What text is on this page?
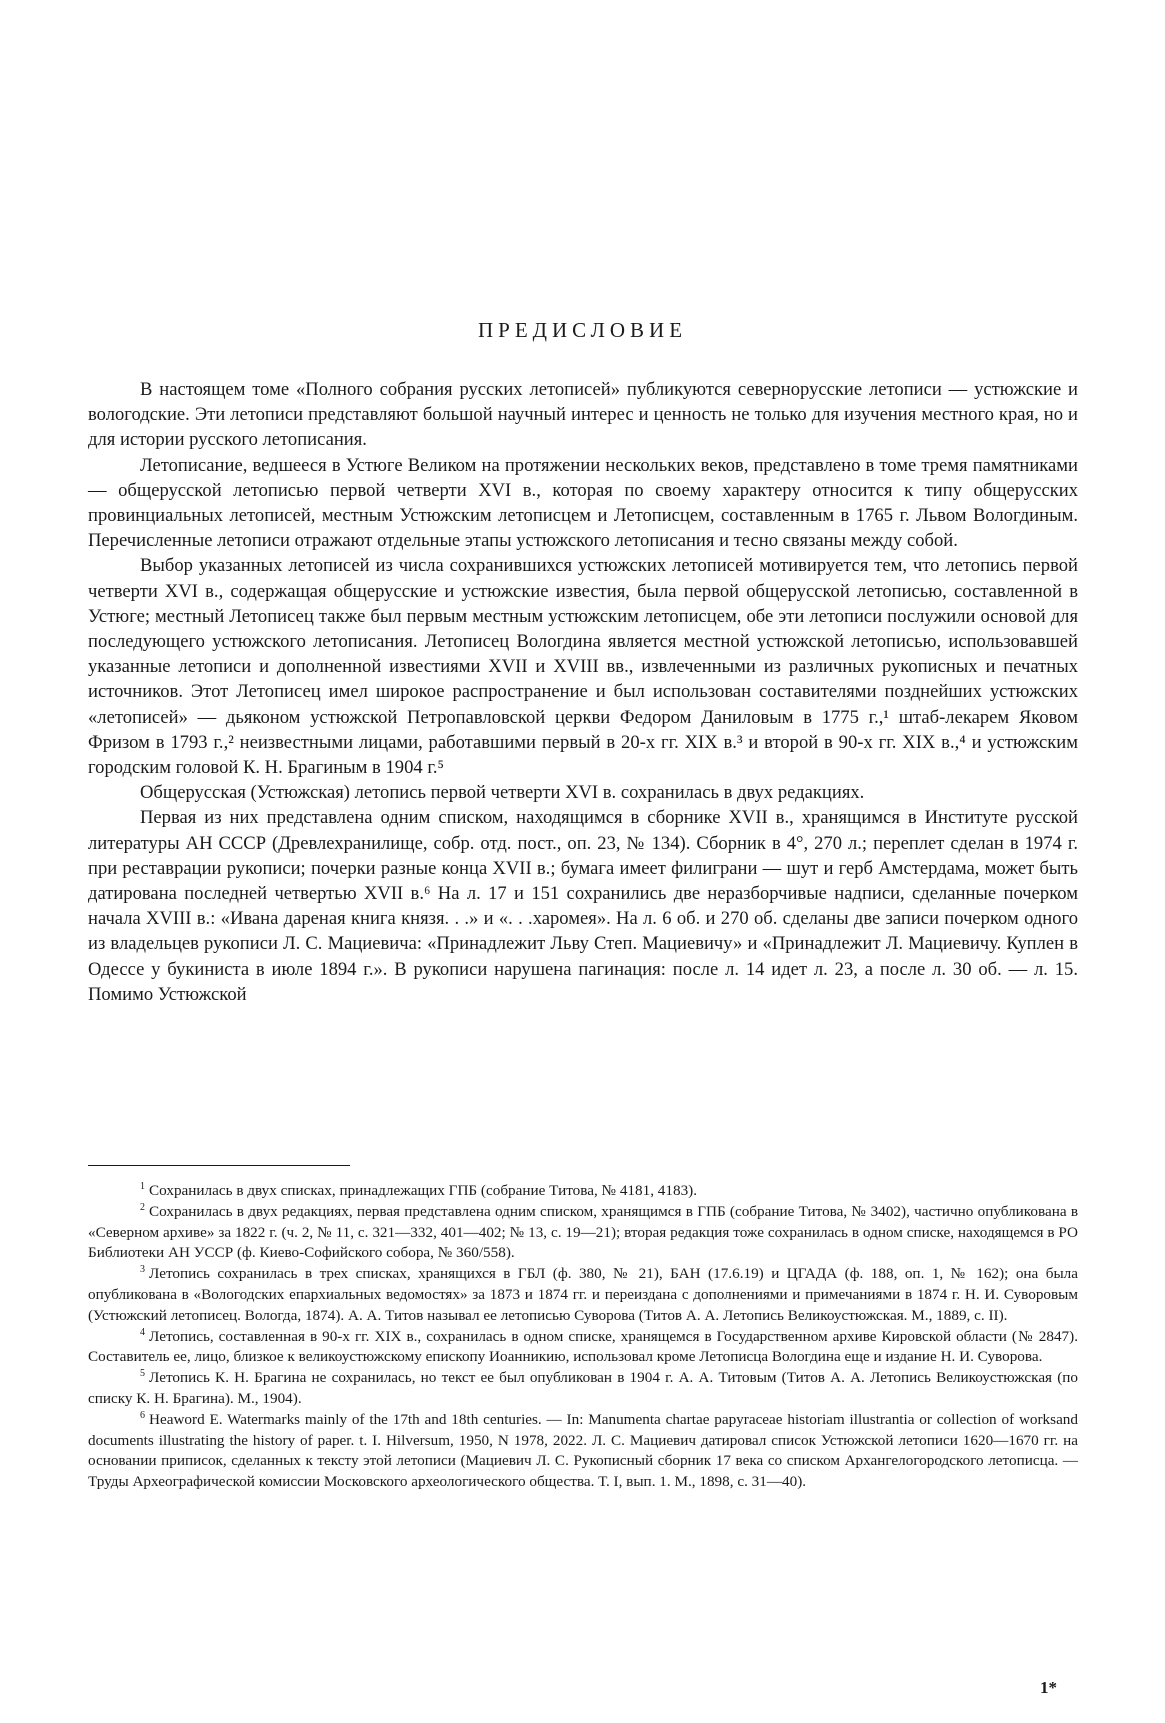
ПРЕДИСЛОВИЕ

В настоящем томе «Полного собрания русских летописей» публикуются севернорусские летописи — устюжские и вологодские. Эти летописи представляют большой научный интерес и ценность не только для изучения местного края, но и для истории русского летописания.

Летописание, ведшееся в Устюге Великом на протяжении нескольких веков, представлено в томе тремя памятниками — общерусской летописью первой четверти XVI в., которая по своему характеру относится к типу общерусских провинциальных летописей, местным Устюжским летописцем и Летописцем, составленным в 1765 г. Львом Вологдиным. Перечисленные летописи отражают отдельные этапы устюжского летописания и тесно связаны между собой.

Выбор указанных летописей из числа сохранившихся устюжских летописей мотивируется тем, что летопись первой четверти XVI в., содержащая общерусские и устюжские известия, была первой общерусской летописью, составленной в Устюге; местный Летописец также был первым местным устюжским летописцем, обе эти летописи послужили основой для последующего устюжского летописания. Летописец Вологдина является местной устюжской летописью, использовавшей указанные летописи и дополненной известиями XVII и XVIII вв., извлеченными из различных рукописных и печатных источников. Этот Летописец имел широкое распространение и был использован составителями позднейших устюжских «летописей» — дьяконом устюжской Петропавловской церкви Федором Даниловым в 1775 г.,¹ штаб-лекарем Яковом Фризом в 1793 г.,² неизвестными лицами, работавшими первый в 20-х гг. XIX в.³ и второй в 90-х гг. XIX в.,⁴ и устюжским городским головой К. Н. Брагиным в 1904 г.⁵

Общерусская (Устюжская) летопись первой четверти XVI в. сохранилась в двух редакциях.

Первая из них представлена одним списком, находящимся в сборнике XVII в., хранящимся в Институте русской литературы АН СССР (Древлехранилище, собр. отд. пост., оп. 23, № 134). Сборник в 4°, 270 л.; переплет сделан в 1974 г. при реставрации рукописи; почерки разные конца XVII в.; бумага имеет филиграни — шут и герб Амстердама, может быть датирована последней четвертью XVII в.⁶ На л. 17 и 151 сохранились две неразборчивые надписи, сделанные почерком начала XVIII в.: «Ивана дареная книга князя. . .» и «. . .харомея». На л. 6 об. и 270 об. сделаны две записи почерком одного из владельцев рукописи Л. С. Мациевича: «Принадлежит Льву Степ. Мациевичу» и «Принадлежит Л. Мациевичу. Куплен в Одессе у букиниста в июле 1894 г.». В рукописи нарушена пагинация: после л. 14 идет л. 23, а после л. 30 об. — л. 15. Помимо Устюжской

$^1$ Сохранилась в двух списках, принадлежащих ГПБ (собрание Титова, № 4181, 4183).

$^2$ Сохранилась в двух редакциях, первая представлена одним списком, хранящимся в ГПБ (собрание Титова, № 3402), частично опубликована в «Северном архиве» за 1822 г. (ч. 2, № 11, с. 321—332, 401—402; № 13, с. 19—21); вторая редакция тоже сохранилась в одном списке, находящемся в РО Библиотеки АН УССР (ф. Киево-Софийского собора, № 360/558).

$^3$ Летопись сохранилась в трех списках, хранящихся в ГБЛ (ф. 380, № 21), БАН (17.6.19) и ЦГАДА (ф. 188, оп. 1, № 162); она была опубликована в «Вологодских епархиальных ведомостях» за 1873 и 1874 гг. и переиздана с дополнениями и примечаниями в 1874 г. Н. И. Суворовым (Устюжский летописец. Вологда, 1874). А. А. Титов называл ее летописью Суворова (Титов А. А. Летопись Великоустюжская. М., 1889, с. II).

$^4$ Летопись, составленная в 90-х гг. XIX в., сохранилась в одном списке, хранящемся в Государственном архиве Кировской области (№ 2847). Составитель ее, лицо, близкое к великоустюжскому епископу Иоанникию, использовал кроме Летописца Вологдина еще и издание Н. И. Суворова.

$^5$ Летопись К. Н. Брагина не сохранилась, но текст ее был опубликован в 1904 г. А. А. Титовым (Титов А. А. Летопись Великоустюжская (по списку К. Н. Брагина). М., 1904).

$^6$ Heaword E. Watermarks mainly of the 17th and 18th centuries. — In: Manumenta chartae papyraceae historiam illustrantia or collection of worksand documents illustrating the history of paper. t. I. Hilversum, 1950, N 1978, 2022. Л. С. Мациевич датировал список Устюжской летописи 1620—1670 гг. на основании приписок, сделанных к тексту этой летописи (Мациевич Л. С. Рукописный сборник 17 века со списком Архангелогородского летописца. — Труды Археографической комиссии Московского археологического общества. Т. I, вып. 1. М., 1898, с. 31—40).

1*
